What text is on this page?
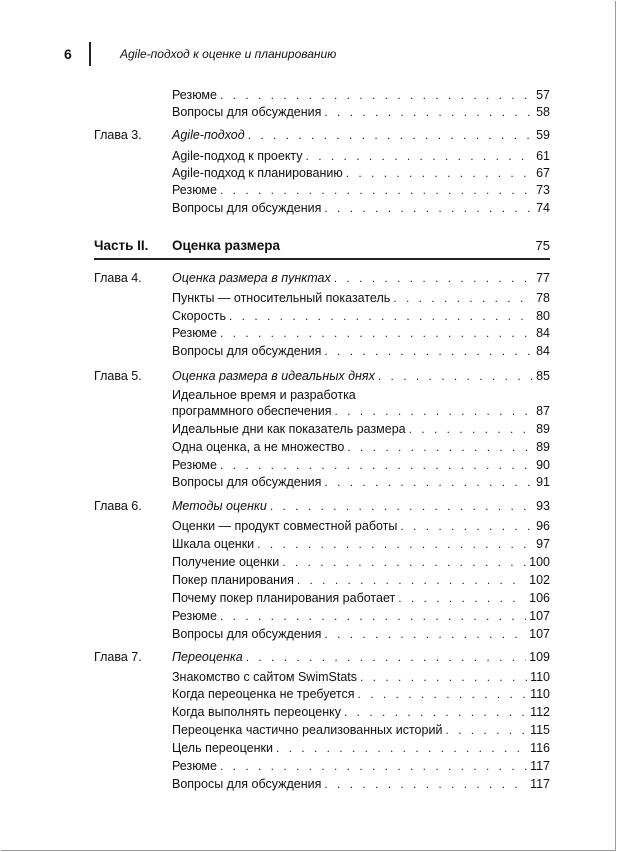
6	Agile-подход к оценке и планированию
Резюме . . .	57
Вопросы для обсуждения . . .	58
Глава 3. Agile-подход . . .	59
Agile-подход к проекту . . .	61
Agile-подход к планированию . . .	67
Резюме . . .	73
Вопросы для обсуждения . . .	74
Часть II. Оценка размера	75
Глава 4. Оценка размера в пунктах . . .	77
Пункты — относительный показатель . . .	78
Скорость . . .	80
Резюме . . .	84
Вопросы для обсуждения . . .	84
Глава 5. Оценка размера в идеальных днях . . .	85
Идеальное время и разработка
программного обеспечения . . .	87
Идеальные дни как показатель размера . . .	89
Одна оценка, а не множество . . .	89
Резюме . . .	90
Вопросы для обсуждения . . .	91
Глава 6. Методы оценки . . .	93
Оценки — продукт совместной работы . . .	96
Шкала оценки . . .	97
Получение оценки . . .	100
Покер планирования . . .	102
Почему покер планирования работает . . .	106
Резюме . . .	107
Вопросы для обсуждения . . .	107
Глава 7. Переоценка . . .	109
Знакомство с сайтом SwimStats . . .	110
Когда переоценка не требуется . . .	110
Когда выполнять переоценку . . .	112
Переоценка частично реализованных историй . . .	115
Цель переоценки . . .	116
Резюме . . .	117
Вопросы для обсуждения . . .	117
